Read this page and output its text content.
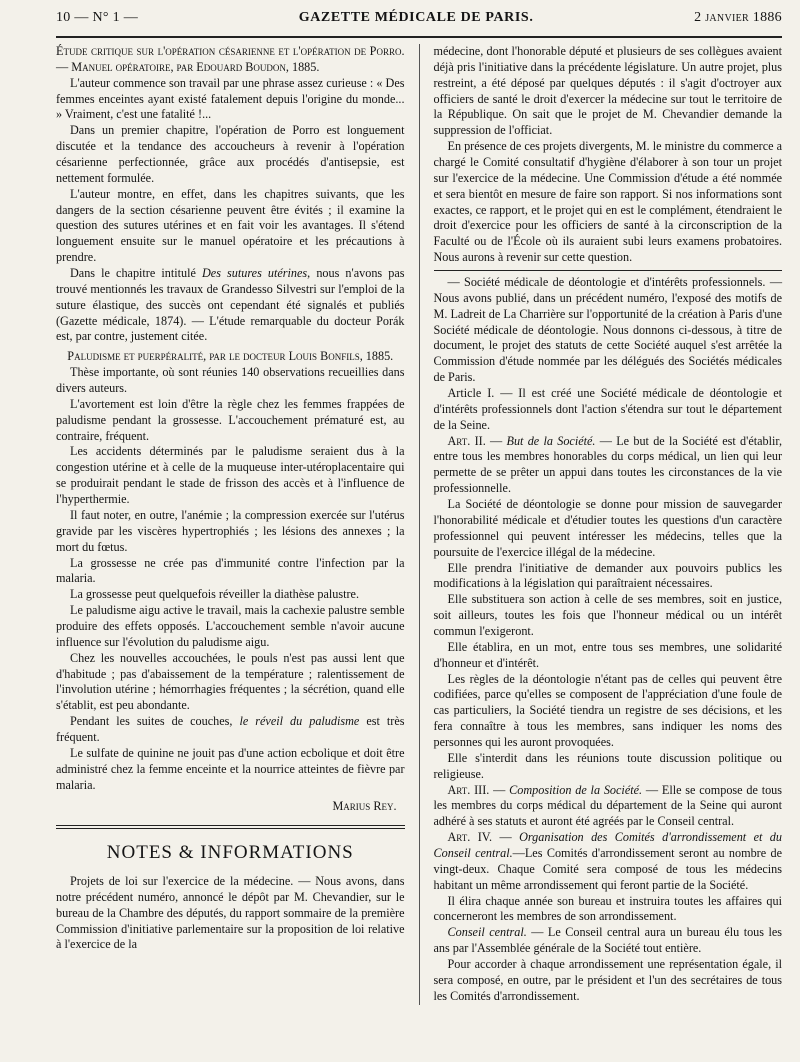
10 — N° 1 —	GAZETTE MÉDICALE DE PARIS.	2 janvier 1886

Étude critique sur l'opération césarienne et l'opération de Porro. — Manuel opératoire, par Edouard Boudon, 1885.

L'auteur commence son travail par une phrase assez curieuse : « Des femmes enceintes ayant existé fatalement depuis l'origine du monde... » Vraiment, c'est une fatalité !...

Dans un premier chapitre, l'opération de Porro est longuement discutée et la tendance des accoucheurs à revenir à l'opération césarienne perfectionnée, grâce aux procédés d'antisepsie, est nettement formulée.

L'auteur montre, en effet, dans les chapitres suivants, que les dangers de la section césarienne peuvent être évités ; il examine la question des sutures utérines et en fait voir les avantages. Il s'étend longuement ensuite sur le manuel opératoire et les précautions à prendre.

Dans le chapitre intitulé Des sutures utérines, nous n'avons pas trouvé mentionnés les travaux de Grandesso Silvestri sur l'emploi de la suture élastique, des succès ont cependant été signalés et publiés (Gazette médicale, 1874). — L'étude remarquable du docteur Porák est, par contre, justement citée.

Paludisme et puerpéralité, par le docteur Louis Bonfils, 1885.

Thèse importante, où sont réunies 140 observations recueillies dans divers auteurs.

L'avortement est loin d'être la règle chez les femmes frappées de paludisme pendant la grossesse. L'accouchement prématuré est, au contraire, fréquent.

Les accidents déterminés par le paludisme seraient dus à la congestion utérine et à celle de la muqueuse inter-utéroplacentaire qui se produirait pendant le stade de frisson des accès et à l'influence de l'hyperthermie.

Il faut noter, en outre, l'anémie ; la compression exercée sur l'utérus gravide par les viscères hypertrophiés ; les lésions des annexes ; la mort du fœtus.

La grossesse ne crée pas d'immunité contre l'infection par la malaria.

La grossesse peut quelquefois réveiller la diathèse palustre.

Le paludisme aigu active le travail, mais la cachexie palustre semble produire des effets opposés. L'accouchement semble n'avoir aucune influence sur l'évolution du paludisme aigu.

Chez les nouvelles accouchées, le pouls n'est pas aussi lent que d'habitude ; pas d'abaissement de la température ; ralentissement de l'involution utérine ; hémorrhagies fréquentes ; la sécrétion, quand elle s'établit, est peu abondante.

Pendant les suites de couches, le réveil du paludisme est très fréquent.

Le sulfate de quinine ne jouit pas d'une action ecbolique et doit être administré chez la femme enceinte et la nourrice atteintes de fièvre par malaria.

Marius Rey.

NOTES & INFORMATIONS

Projets de loi sur l'exercice de la médecine. — Nous avons, dans notre précédent numéro, annoncé le dépôt par M. Chevandier, sur le bureau de la Chambre des députés, du rapport sommaire de la première Commission d'initiative parlementaire sur la proposition de loi relative à l'exercice de la

médecine, dont l'honorable député et plusieurs de ses collègues avaient déjà pris l'initiative dans la précédente législature. Un autre projet, plus restreint, a été déposé par quelques députés : il s'agit d'octroyer aux officiers de santé le droit d'exercer la médecine sur tout le territoire de la République. On sait que le projet de M. Chevandier demande la suppression de l'officiat.

En présence de ces projets divergents, M. le ministre du commerce a chargé le Comité consultatif d'hygiène d'élaborer à son tour un projet sur l'exercice de la médecine. Une Commission d'étude a été nommée et sera bientôt en mesure de faire son rapport. Si nos informations sont exactes, ce rapport, et le projet qui en est le complément, étendraient le droit d'exercice pour les officiers de santé à la circonscription de la Faculté ou de l'École où ils auraient subi leurs examens probatoires. Nous aurons à revenir sur cette question.

— Société médicale de déontologie et d'intérêts professionnels. — Nous avons publié, dans un précédent numéro, l'exposé des motifs de M. Ladreit de La Charrière sur l'opportunité de la création à Paris d'une Société médicale de déontologie. Nous donnons ci-dessous, à titre de document, le projet des statuts de cette Société auquel s'est arrêtée la Commission d'étude nommée par les délégués des Sociétés médicales de Paris.

Article I. — Il est créé une Société médicale de déontologie et d'intérêts professionnels dont l'action s'étendra sur tout le département de la Seine.

Art. II. — But de la Société. — Le but de la Société est d'établir, entre tous les membres honorables du corps médical, un lien qui leur permette de se prêter un appui dans toutes les circonstances de la vie professionnelle.

La Société de déontologie se donne pour mission de sauvegarder l'honorabilité médicale et d'étudier toutes les questions d'un caractère professionnel qui peuvent intéresser les médecins, telles que la poursuite de l'exercice illégal de la médecine.

Elle prendra l'initiative de demander aux pouvoirs publics les modifications à la législation qui paraîtraient nécessaires.

Elle substituera son action à celle de ses membres, soit en justice, soit ailleurs, toutes les fois que l'honneur médical ou un intérêt commun l'exigeront.

Elle établira, en un mot, entre tous ses membres, une solidarité d'honneur et d'intérêt.

Les règles de la déontologie n'étant pas de celles qui peuvent être codifiées, parce qu'elles se composent de l'appréciation d'une foule de cas particuliers, la Société tiendra un registre de ses décisions, et les fera connaître à tous les membres, sans indiquer les noms des personnes qui les auront provoquées.

Elle s'interdit dans les réunions toute discussion politique ou religieuse.

Art. III. — Composition de la Société. — Elle se compose de tous les membres du corps médical du département de la Seine qui auront adhéré à ses statuts et auront été agréés par le Conseil central.

Art. IV. — Organisation des Comités d'arrondissement et du Conseil central.—Les Comités d'arrondissement seront au nombre de vingt-deux. Chaque Comité sera composé de tous les médecins habitant un même arrondissement qui feront partie de la Société.

Il élira chaque année son bureau et instruira toutes les affaires qui concerneront les membres de son arrondissement.

Conseil central. — Le Conseil central aura un bureau élu tous les ans par l'Assemblée générale de la Société tout entière.

Pour accorder à chaque arrondissement une représentation égale, il sera composé, en outre, par le président et l'un des secrétaires de tous les Comités d'arrondissement.
